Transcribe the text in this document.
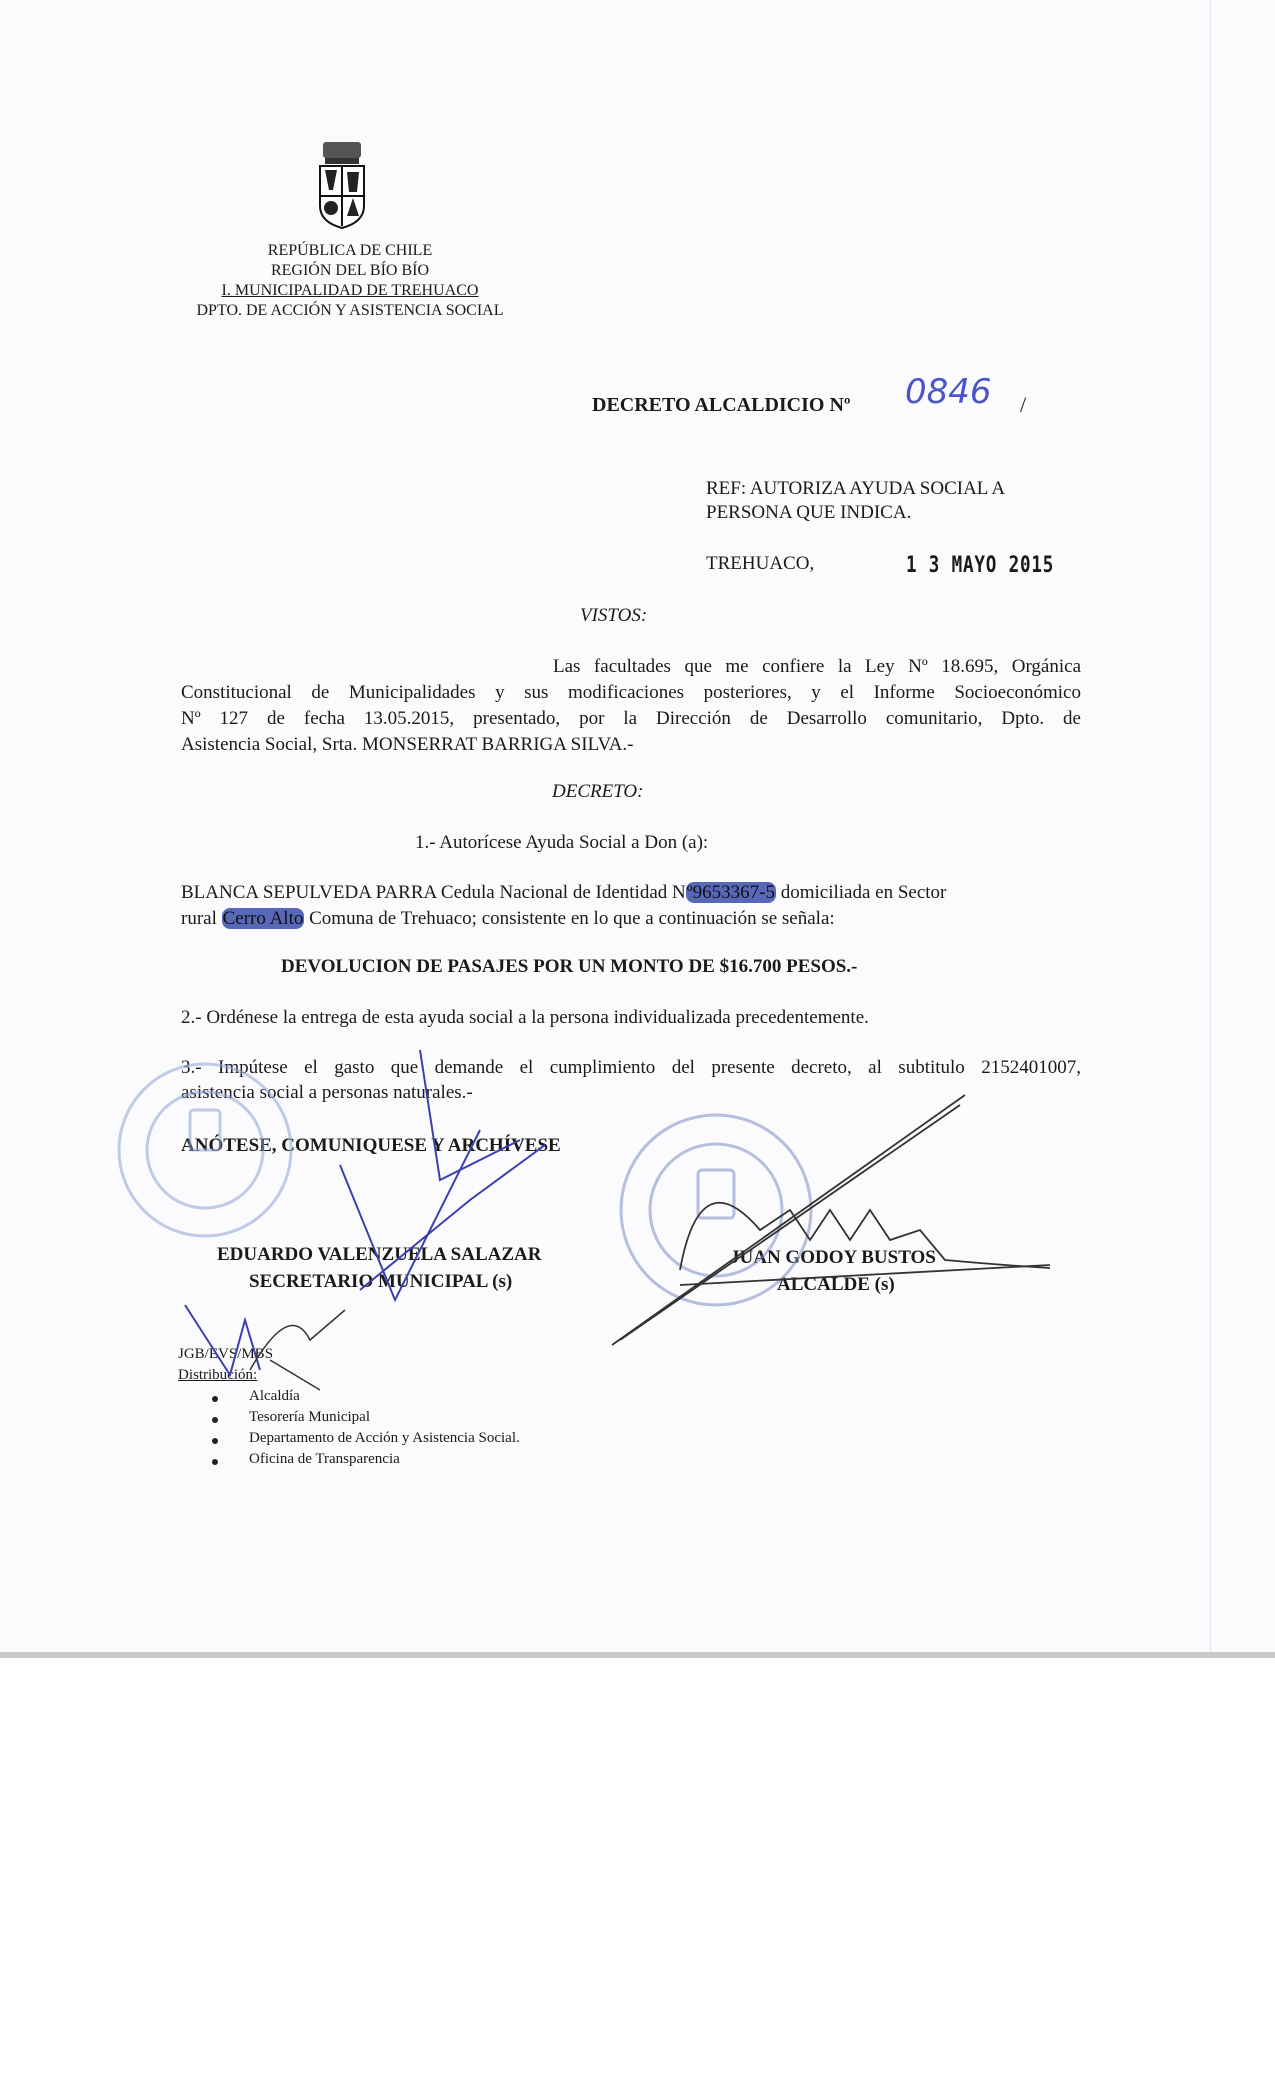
REPÚBLICA DE CHILE
REGIÓN DEL BÍO BÍO
I. MUNICIPALIDAD DE TREHUACO
DPTO. DE ACCIÓN Y ASISTENCIA SOCIAL
DECRETO ALCALDICIO Nº 0846 /
REF: AUTORIZA AYUDA SOCIAL A
PERSONA QUE INDICA.
TREHUACO,	1 3 MAYO 2015
VISTOS:
Las facultades que me confiere la Ley Nº 18.695, Orgánica
Constitucional de Municipalidades y sus modificaciones posteriores, y el Informe Socioeconómico
Nº 127 de fecha 13.05.2015, presentado, por la Dirección de Desarrollo comunitario, Dpto. de
Asistencia Social, Srta. MONSERRAT BARRIGA SILVA.-
DECRETO:
1.- Autorícese Ayuda Social a Don (a):
BLANCA SEPULVEDA PARRA Cedula Nacional de Identidad Nº9653367-5 domiciliada en Sector
rural Cerro Alto Comuna de Trehuaco; consistente en lo que a continuación se señala:
DEVOLUCION DE PASAJES POR UN MONTO DE $16.700 PESOS.-
2.- Ordénese la entrega de esta ayuda social a la persona individualizada precedentemente.
3.- Impútese el gasto que demande el cumplimiento del presente decreto, al subtitulo 2152401007,
asistencia social a personas naturales.-
ANÓTESE, COMUNIQUESE Y ARCHÍVESE
EDUARDO VALENZUELA SALAZAR
SECRETARIO MUNICIPAL (s)
JUAN GODOY BUSTOS
ALCALDE (s)
JGB/EVS/MBS
Distribución:
Alcaldía
Tesorería Municipal
Departamento de Acción y Asistencia Social.
Oficina de Transparencia
